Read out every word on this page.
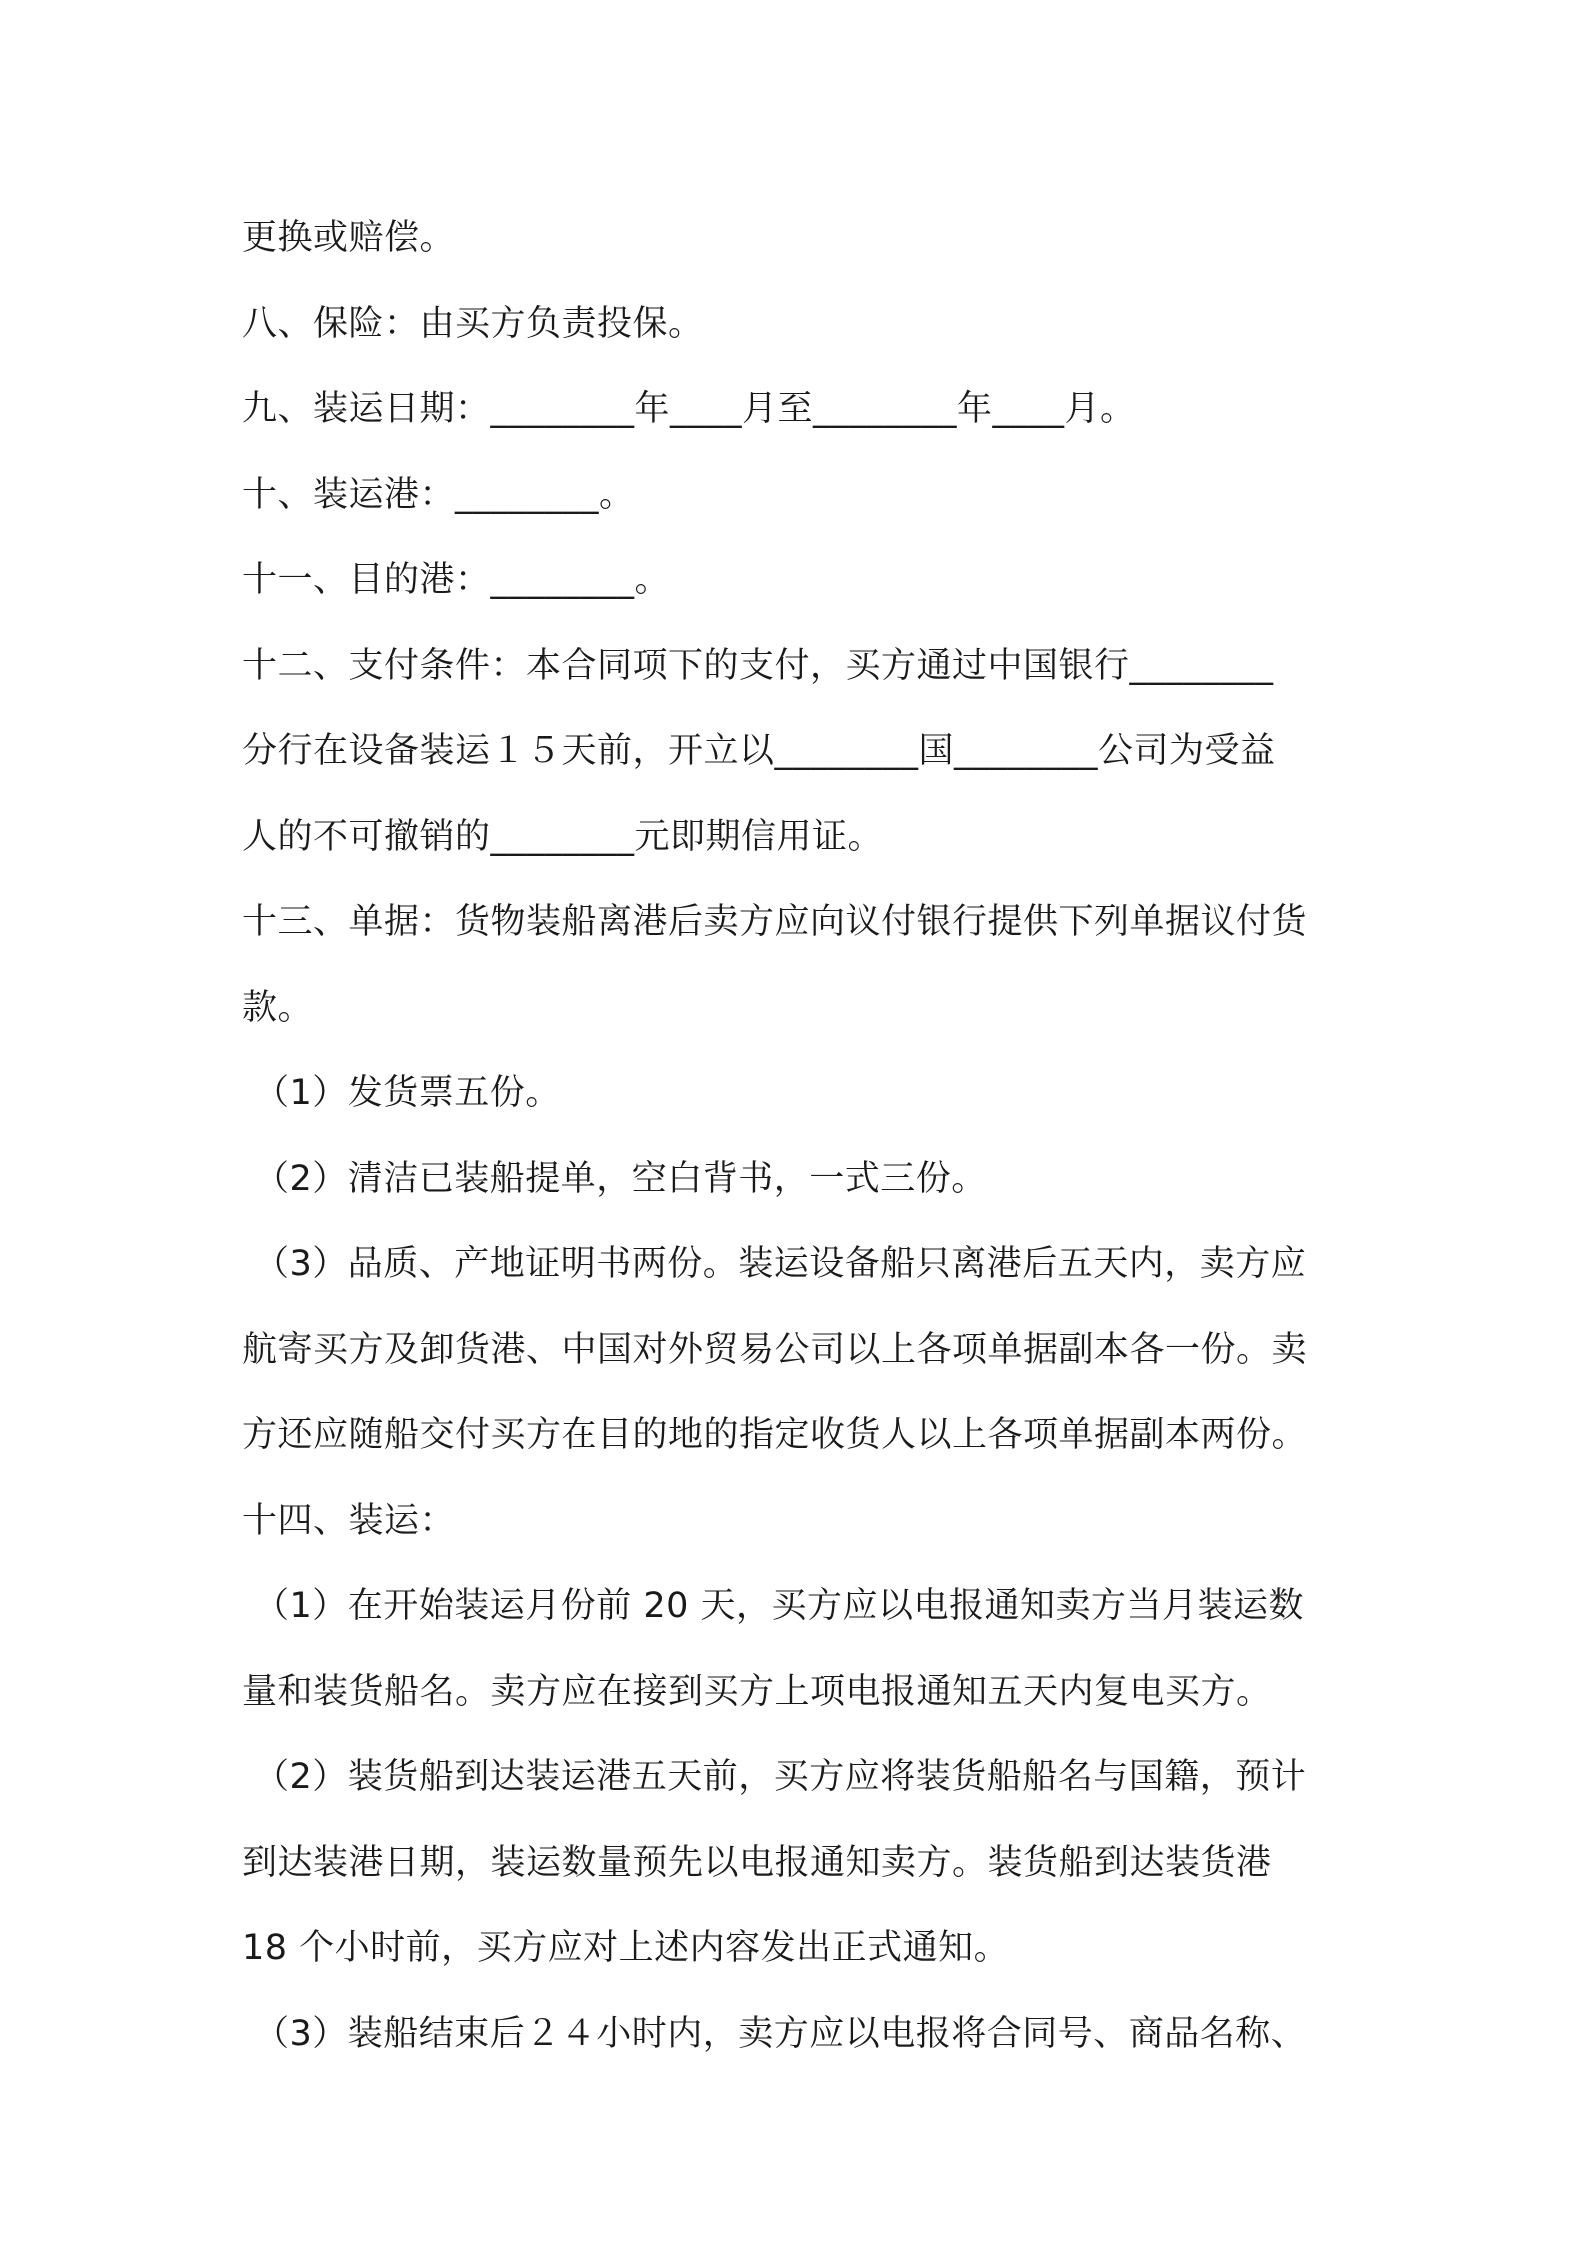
更换或赔偿。
八、保险：由买方负责投保。
九、装运日期：________年____月至________年____月。
十、装运港：________。
十一、目的港：________。
十二、支付条件：本合同项下的支付，买方通过中国银行________
分行在设备装运１５天前，开立以________国________公司为受益
人的不可撤销的________元即期信用证。
十三、单据：货物装船离港后卖方应向议付银行提供下列单据议付货
款。
（1）发货票五份。
（2）清洁已装船提单，空白背书，一式三份。
（3）品质、产地证明书两份。装运设备船只离港后五天内，卖方应
航寄买方及卸货港、中国对外贸易公司以上各项单据副本各一份。卖
方还应随船交付买方在目的地的指定收货人以上各项单据副本两份。
十四、装运：
（1）在开始装运月份前 20 天，买方应以电报通知卖方当月装运数
量和装货船名。卖方应在接到买方上项电报通知五天内复电买方。
（2）装货船到达装运港五天前，买方应将装货船船名与国籍，预计
到达装港日期，装运数量预先以电报通知卖方。装货船到达装货港
18 个小时前，买方应对上述内容发出正式通知。
（3）装船结束后２４小时内，卖方应以电报将合同号、商品名称、
